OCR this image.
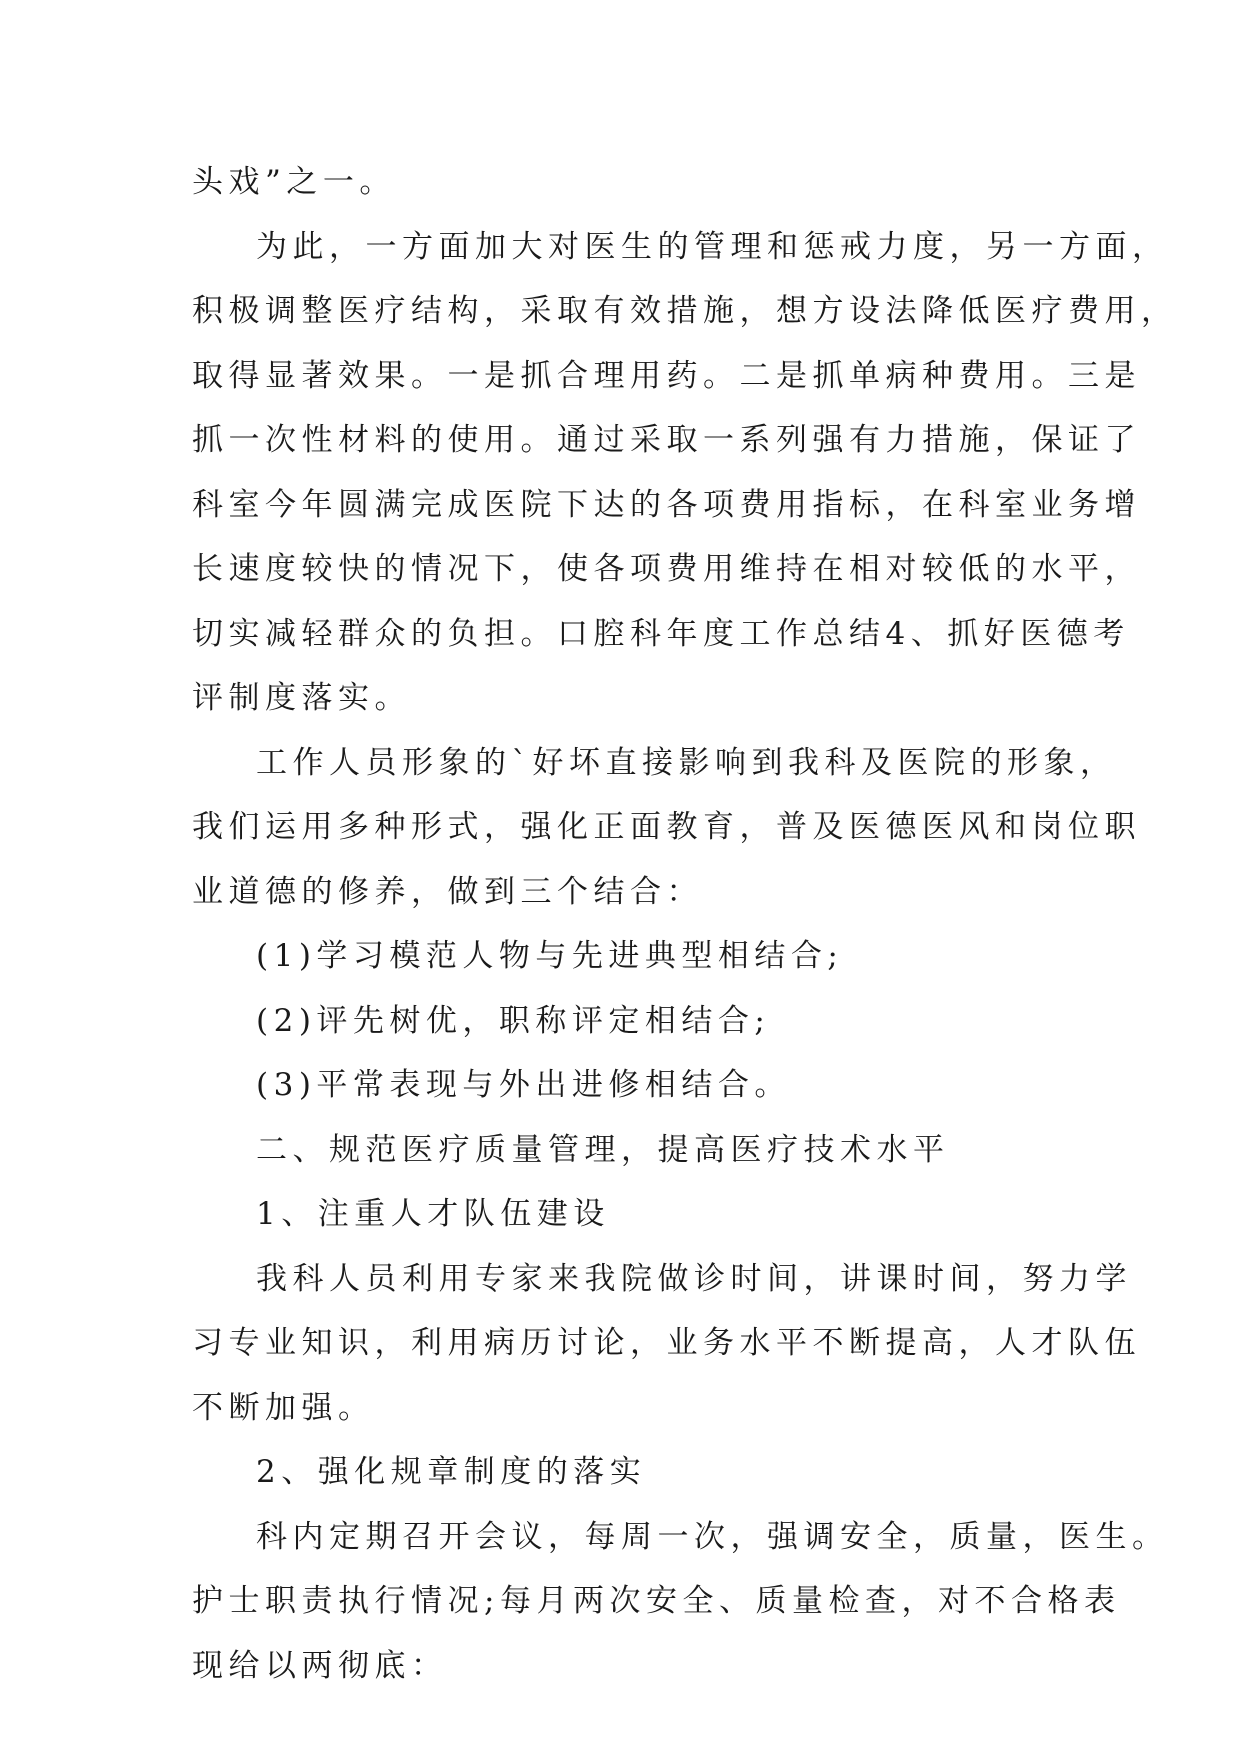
头戏”之一。
为此，一方面加大对医生的管理和惩戒力度，另一方面，
积极调整医疗结构，采取有效措施，想方设法降低医疗费用，
取得显著效果。一是抓合理用药。二是抓单病种费用。三是
抓一次性材料的使用。通过采取一系列强有力措施，保证了
科室今年圆满完成医院下达的各项费用指标，在科室业务增
长速度较快的情况下，使各项费用维持在相对较低的水平，
切实减轻群众的负担。口腔科年度工作总结4、抓好医德考
评制度落实。
工作人员形象的`好坏直接影响到我科及医院的形象，
我们运用多种形式，强化正面教育，普及医德医风和岗位职
业道德的修养，做到三个结合：
(1)学习模范人物与先进典型相结合;
(2)评先树优，职称评定相结合;
(3)平常表现与外出进修相结合。
二、规范医疗质量管理，提高医疗技术水平
1、注重人才队伍建设
我科人员利用专家来我院做诊时间，讲课时间，努力学
习专业知识，利用病历讨论，业务水平不断提高，人才队伍
不断加强。
2、强化规章制度的落实
科内定期召开会议，每周一次，强调安全，质量，医生。
护士职责执行情况;每月两次安全、质量检查，对不合格表
现给以两彻底：
